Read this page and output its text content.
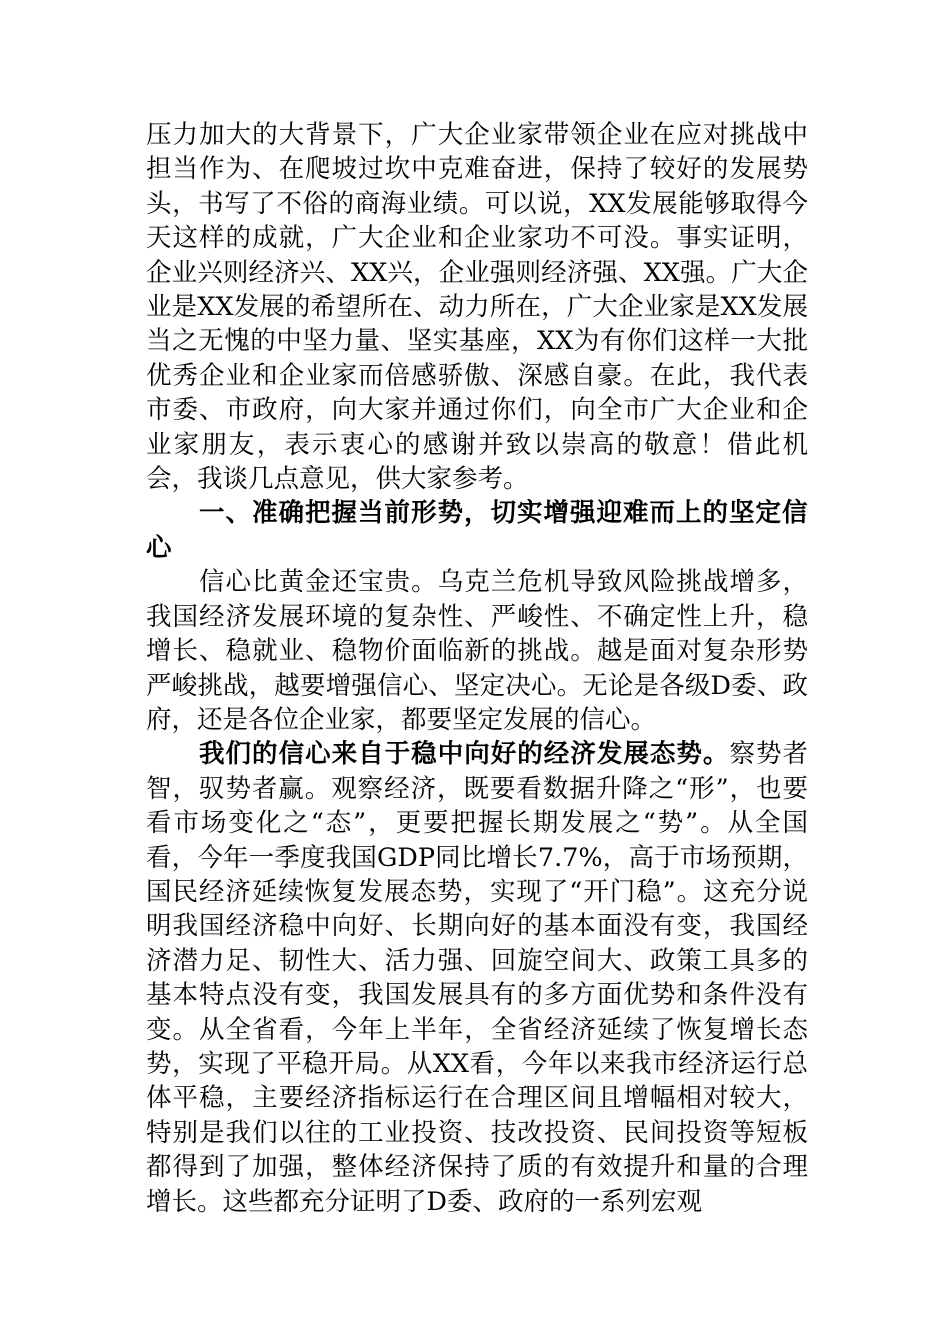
压力加大的大背景下，广大企业家带领企业在应对挑战中担当作为、在爬坡过坎中克难奋进，保持了较好的发展势头，书写了不俗的商海业绩。可以说，XX发展能够取得今天这样的成就，广大企业和企业家功不可没。事实证明，企业兴则经济兴、XX兴，企业强则经济强、XX强。广大企业是XX发展的希望所在、动力所在，广大企业家是XX发展当之无愧的中坚力量、坚实基座，XX为有你们这样一大批优秀企业和企业家而倍感骄傲、深感自豪。在此，我代表市委、市政府，向大家并通过你们，向全市广大企业和企业家朋友，表示衷心的感谢并致以崇高的敬意！借此机会，我谈几点意见，供大家参考。

一、准确把握当前形势，切实增强迎难而上的坚定信心

信心比黄金还宝贵。乌克兰危机导致风险挑战增多，我国经济发展环境的复杂性、严峻性、不确定性上升，稳增长、稳就业、稳物价面临新的挑战。越是面对复杂形势严峻挑战，越要增强信心、坚定决心。无论是各级D委、政府，还是各位企业家，都要坚定发展的信心。

我们的信心来自于稳中向好的经济发展态势。察势者智，驭势者赢。观察经济，既要看数据升降之“形”，也要看市场变化之“态”，更要把握长期发展之“势”。从全国看，今年一季度我国GDP同比增长7.7%，高于市场预期，国民经济延续恢复发展态势，实现了“开门稳”。这充分说明我国经济稳中向好、长期向好的基本面没有变，我国经济潜力足、韧性大、活力强、回旋空间大、政策工具多的基本特点没有变，我国发展具有的多方面优势和条件没有变。从全省看，今年上半年，全省经济延续了恢复增长态势，实现了平稳开局。从XX看，今年以来我市经济运行总体平稳，主要经济指标运行在合理区间且增幅相对较大，特别是我们以往的工业投资、技改投资、民间投资等短板都得到了加强，整体经济保持了质的有效提升和量的合理增长。这些都充分证明了D委、政府的一系列宏观
